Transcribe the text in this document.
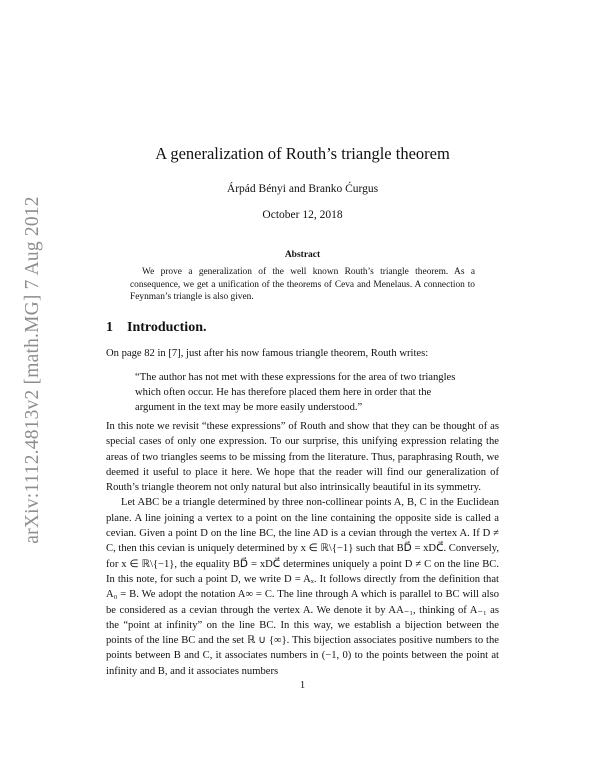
arXiv:1112.4813v2 [math.MG] 7 Aug 2012
A generalization of Routh’s triangle theorem
Árpád Bényi and Branko Ćurgus
October 12, 2018
Abstract
We prove a generalization of the well known Routh’s triangle theorem. As a consequence, we get a unification of the theorems of Ceva and Menelaus. A connection to Feynman’s triangle is also given.
1 Introduction.
On page 82 in [7], just after his now famous triangle theorem, Routh writes:
“The author has not met with these expressions for the area of two triangles which often occur. He has therefore placed them here in order that the argument in the text may be more easily understood.”

In this note we revisit “these expressions” of Routh and show that they can be thought of as special cases of only one expression. To our surprise, this unifying expression relating the areas of two triangles seems to be missing from the literature. Thus, paraphrasing Routh, we deemed it useful to place it here. We hope that the reader will find our generalization of Routh’s triangle theorem not only natural but also intrinsically beautiful in its symmetry.

Let ABC be a triangle determined by three non-collinear points A, B, C in the Euclidean plane. A line joining a vertex to a point on the line containing the opposite side is called a cevian. Given a point D on the line BC, the line AD is a cevian through the vertex A. If D ≠ C, then this cevian is uniquely determined by x ∈ ℝ\{−1} such that BD⃗ = xDC⃗. Conversely, for x ∈ ℝ\{−1}, the equality BD⃗ = xDC⃗ determines uniquely a point D ≠ C on the line BC. In this note, for such a point D, we write D = Aₓ. It follows directly from the definition that A₀ = B. We adopt the notation A∞ = C. The line through A which is parallel to BC will also be considered as a cevian through the vertex A. We denote it by AA₋₁, thinking of A₋₁ as the “point at infinity” on the line BC. In this way, we establish a bijection between the points of the line BC and the set ℝ ∪ {∞}. This bijection associates positive numbers to the points between B and C, it associates numbers in (−1, 0) to the points between the point at infinity and B, and it associates numbers

1
